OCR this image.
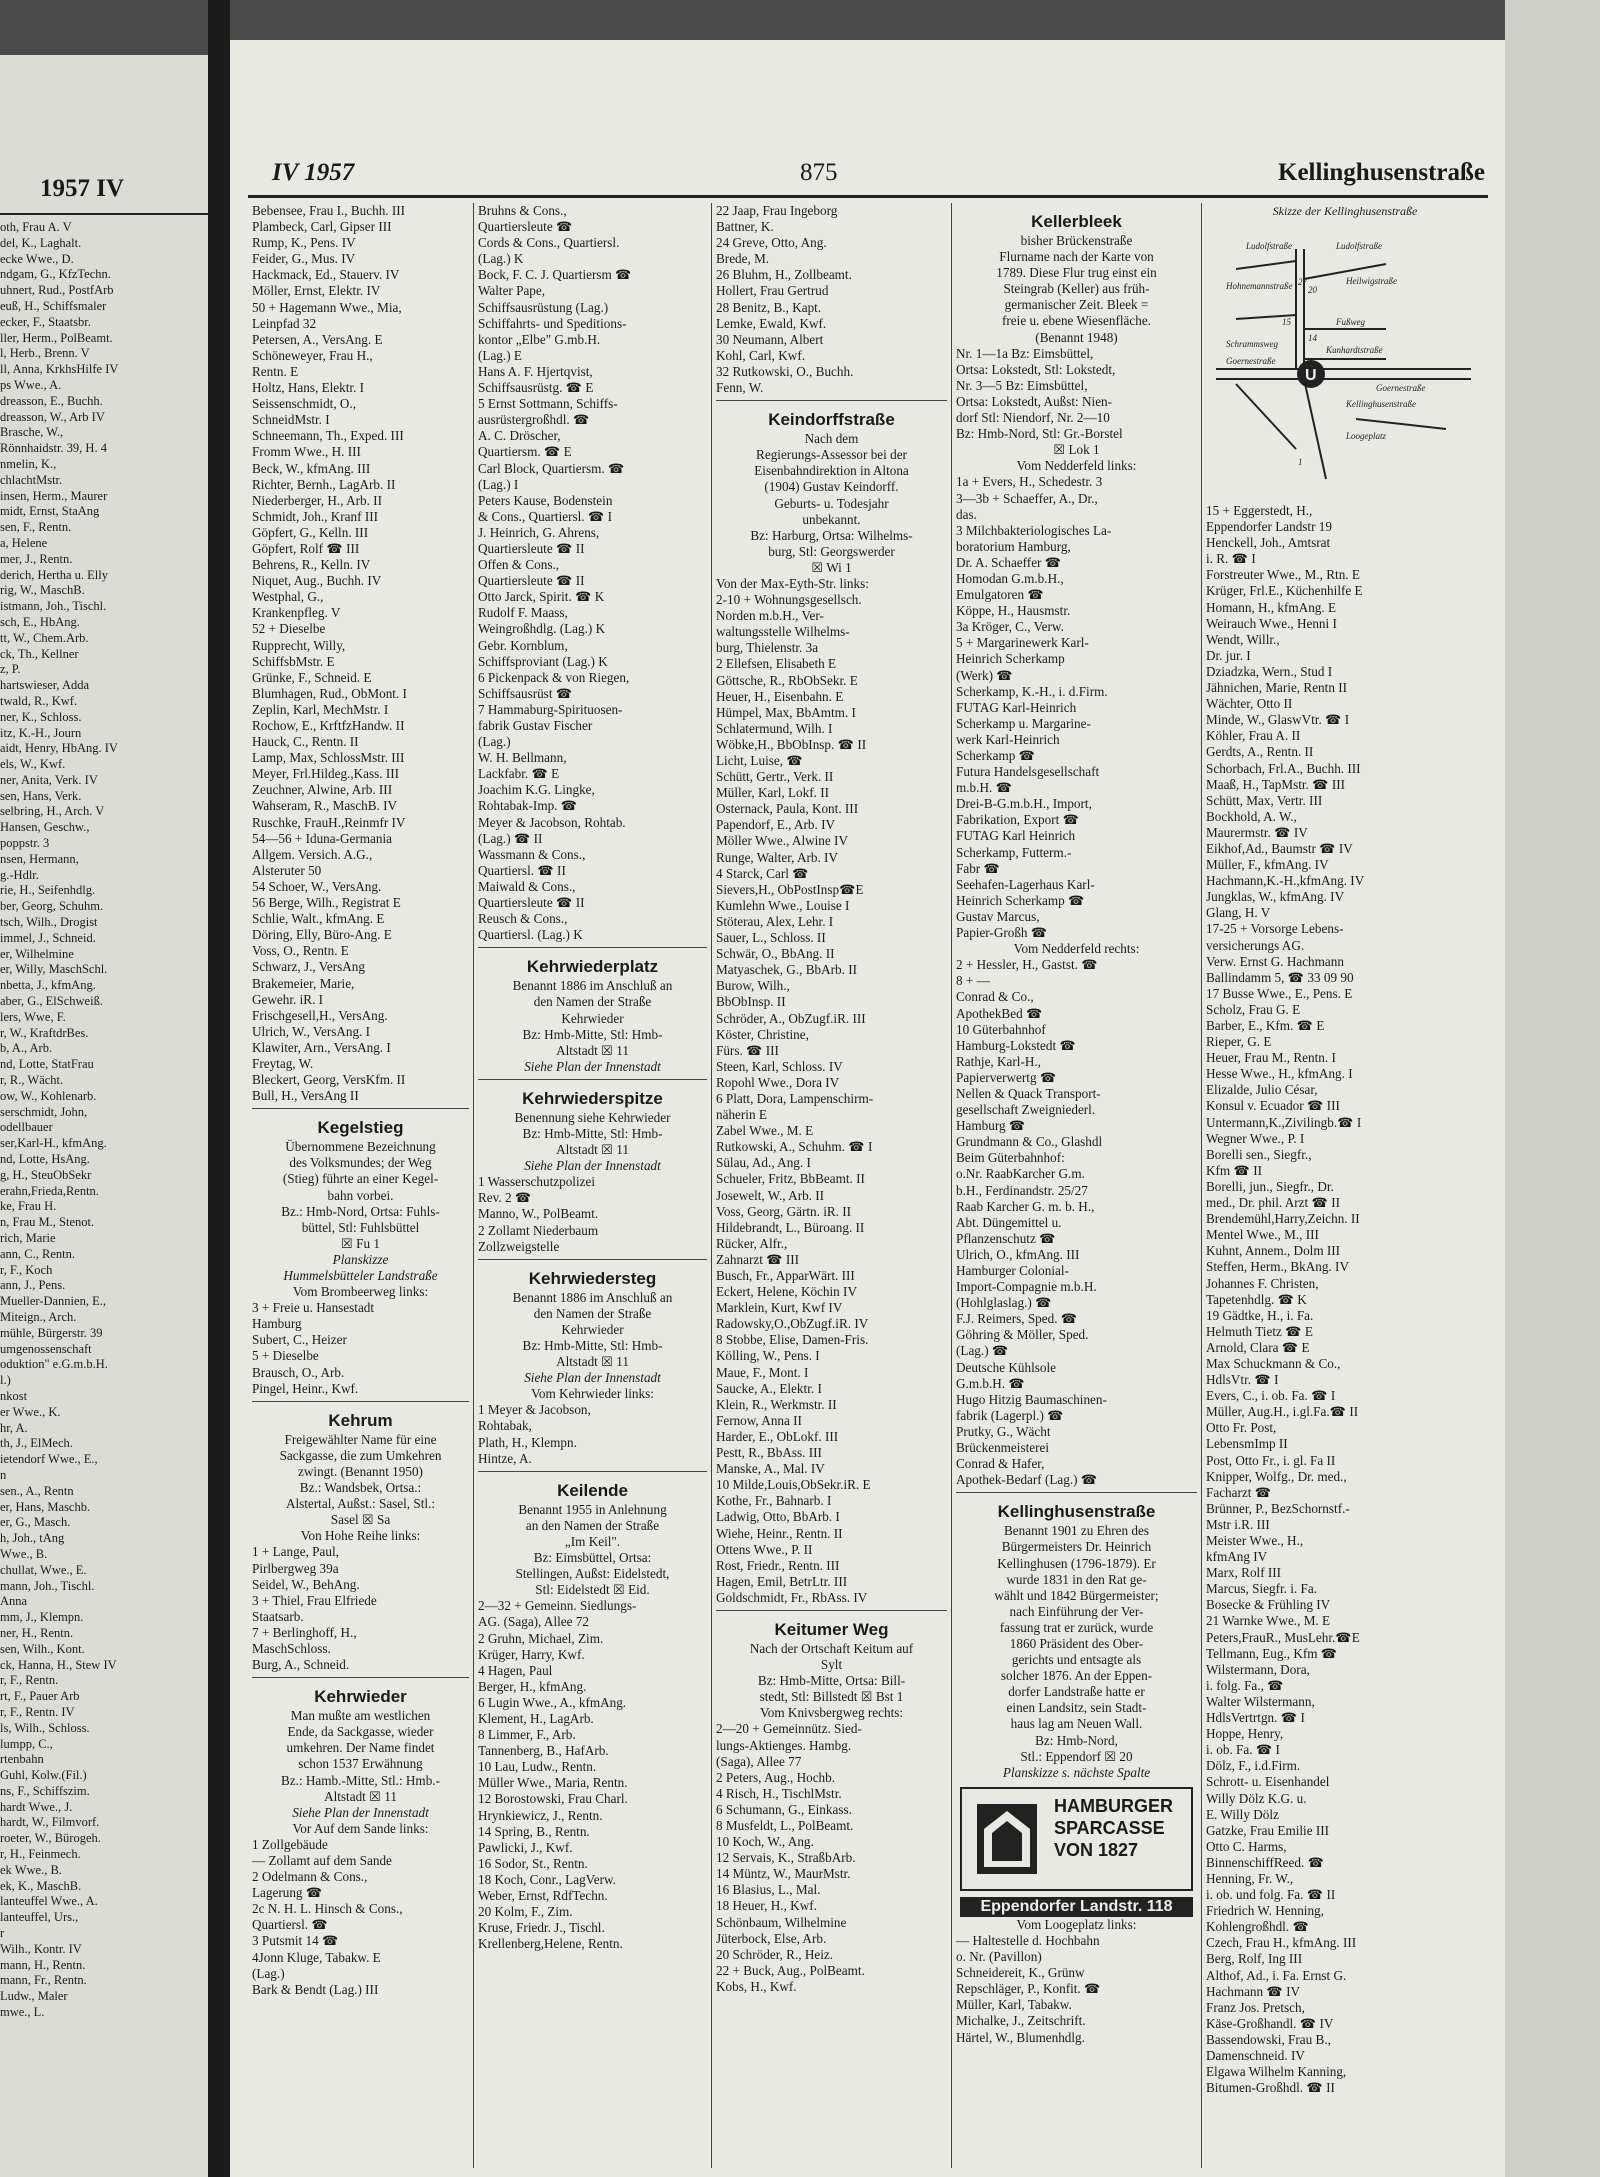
1957 IV
oth, Frau A. V
del, K., Laghalt.
ecke Wwe., D.
ndgam, G., KfzTechn.
uhnert, Rud., PostfArb
euß, H., Schiffsmaler
ecker, F., Staatsbr.
ller, Herm., PolBeamt.
l, Herb., Brenn. V
ll, Anna, KrkhsHilfe IV
ps Wwe., A.
dreasson, E., Buchh.
dreasson, W., Arb IV
Brasche, W.,
Rönnhaidstr. 39, H. 4
nmelin, K.,
chlachtMstr.
insen, Herm., Maurer
midt, Ernst, StaAng
sen, F., Rentn.
a, Helene
mer, J., Rentn.
derich, Hertha u. Elly
rig, W., MaschB.
istmann, Joh., Tischl.
sch, E., HbAng.
tt, W., Chem.Arb.
ck, Th., Kellner
z, P.
hartswieser, Adda
twald, R., Kwf.
ner, K., Schloss.
itz, K.-H., Journ
aidt, Henry, HbAng. IV
els, W., Kwf.
ner, Anita, Verk. IV
sen, Hans, Verk.
selbring, H., Arch. V
Hansen, Geschw.,
poppstr. 3
nsen, Hermann,
g.-Hdlr.
rie, H., Seifenhdlg.
ber, Georg, Schuhm.
tsch, Wilh., Drogist
immel, J., Schneid.
er, Wilhelmine
er, Willy, MaschSchl.
nbetta, J., kfmAng.
aber, G., ElSchweiß.
lers, Wwe, F.
r, W., KraftdrBes.
b, A., Arb.
nd, Lotte, StatFrau
r, R., Wächt.
ow, W., Kohlenarb.
serschmidt, John,
odellbauer
ser,Karl-H., kfmAng.
nd, Lotte, HsAng.
g, H., SteuObSekr
erahn,Frieda,Rentn.
ke, Frau H.
n, Frau M., Stenot.
rich, Marie
ann, C., Rentn.
r, F., Koch
ann, J., Pens.
Mueller-Dannien, E.,
Miteign., Arch.
mühle, Bürgerstr. 39
umgenossenschaft
oduktion" e.G.m.b.H.
l.)
nkost
er Wwe., K.
hr, A.
th, J., ElMech.
ietendorf Wwe., E.,
n
sen., A., Rentn
er, Hans, Maschb.
er, G., Masch.
h, Joh., tAng
Wwe., B.
chullat, Wwe., E.
mann, Joh., Tischl.
Anna
mm, J., Klempn.
ner, H., Rentn.
sen, Wilh., Kont.
ck, Hanna, H., Stew IV
r, F., Rentn.
rt, F., Pauer Arb
r, F., Rentn. IV
ls, Wilh., Schloss.
lumpp, C.,
rtenbahn
Guhl, Kolw.(Fil.)
ns, F., Schiffszim.
hardt Wwe., J.
hardt, W., Filmvorf.
roeter, W., Bürogeh.
r, H., Feinmech.
ek Wwe., B.
ek, K., MaschB.
lanteuffel Wwe., A.
lanteuffel, Urs.,
r
Wilh., Kontr. IV
mann, H., Rentn.
mann, Fr., Rentn.
Ludw., Maler
mwe., L.
IV 1957	875	Kellinghusenstraße
Bebensee, Frau I., Buchh. III
Plambeck, Carl, Gipser III
Rump, K., Pens. IV
Feider, G., Mus. IV
Hackmack, Ed., Stauerv. IV
Möller, Ernst, Elektr. IV
50 + Hagemann Wwe., Mia,
Leinpfad 32
Petersen, A., VersAng. E
Schöneweyer, Frau H.,
Rentn. E
Holtz, Hans, Elektr. I
Seissenschmidt, O.,
SchneidMstr. I
Schneemann, Th., Exped. III
Fromm Wwe., H. III
Beck, W., kfmAng. III
Richter, Bernh., LagArb. II
Niederberger, H., Arb. II
Schmidt, Joh., Kranf III
Göpfert, G., Kelln. III
Göpfert, Rolf ☎ III
Behrens, R., Kelln. IV
Niquet, Aug., Buchh. IV
Westphal, G.,
Krankenpfleg. V
52 + Dieselbe
Rupprecht, Willy,
SchiffsbMstr. E
Grünke, F., Schneid. E
Blumhagen, Rud., ObMont. I
Zeplin, Karl, MechMstr. I
Rochow, E., KrftfzHandw. II
Hauck, C., Rentn. II
Lamp, Max, SchlossMstr. III
Meyer, Frl.Hildeg.,Kass. III
Zeuchner, Alwine, Arb. III
Wahseram, R., MaschB. IV
Ruschke, FrauH.,Reinmfr IV
54—56 + Iduna-Germania
Allgem. Versich. A.G.,
Alsteruter 50
54 Schoer, W., VersAng.
56 Berge, Wilh., Registrat E
Schlie, Walt., kfmAng. E
Döring, Elly, Büro-Ang. E
Voss, O., Rentn. E
Schwarz, J., VersAng
Brakemeier, Marie,
Gewehr. iR. I
Frischgesell,H., VersAng.
Ulrich, W., VersAng. I
Klawiter, Arn., VersAng. I
Freytag, W.
Bleckert, Georg, VersKfm. II
Bull, H., VersAng II
Kegelstieg
Übernommene Bezeichnung
des Volksmundes; der Weg
(Stieg) führte an einer Kegel-
bahn vorbei.
Bz.: Hmb-Nord, Ortsa: Fuhls-
büttel, Stl: Fuhlsbüttel
☒ Fu 1
Planskizze
Hummelsbütteler Landstraße
Vom Brombeerweg links:
3 + Freie u. Hansestadt
Hamburg
Subert, C., Heizer
5 + Dieselbe
Brausch, O., Arb.
Pingel, Heinr., Kwf.
Kehrum
Freigewählter Name für eine
Sackgasse, die zum Umkehren
zwingt. (Benannt 1950)
Bz.: Wandsbek, Ortsa.:
Alstertal, Außst.: Sasel, Stl.:
Sasel ☒ Sa
Von Hohe Reihe links:
1 + Lange, Paul,
Pirlbergweg 39a
Seidel, W., BehAng.
3 + Thiel, Frau Elfriede
Staatsarb.
7 + Berlinghoff, H.,
MaschSchloss.
Burg, A., Schneid.
Kehrwieder
Man mußte am westlichen
Ende, da Sackgasse, wieder
umkehren. Der Name findet
schon 1537 Erwähnung
Bz.: Hamb.-Mitte, Stl.: Hmb.-
Altstadt ☒ 11
Siehe Plan der Innenstadt
Vor Auf dem Sande links:
1 Zollgebäude
— Zollamt auf dem Sande
2 Odelmann & Cons.,
Lagerung ☎
2c N. H. L. Hinsch & Cons.,
Quartiersl. ☎
3 Putsmit 14 ☎
4Jonn Kluge, Tabakw. E
(Lag.)
Bark & Bendt (Lag.) III
Bruhns & Cons.,
Quartiersleute ☎
Cords & Cons., Quartiersl.
(Lag.) K
Bock, F. C. J. Quartiersm ☎
Walter Pape,
Schiffsausrüstung (Lag.)
Schiffahrts- und Speditions-
kontor „Elbe" G.mb.H.
(Lag.) E
Hans A. F. Hjertqvist,
Schiffsausrüstg. ☎ E
5 Ernst Sottmann, Schiffs-
ausrüstergroßhdl. ☎
A. C. Dröscher,
Quartiersm. ☎ E
Carl Block, Quartiersm. ☎
(Lag.) I
Peters Kause, Bodenstein
& Cons., Quartiersl. ☎ I
J. Heinrich, G. Ahrens,
Quartiersleute ☎ II
Offen & Cons.,
Quartiersleute ☎ II
Otto Jarck, Spirit. ☎ K
Rudolf F. Maass,
Weingroßhdlg. (Lag.) K
Gebr. Kornblum,
Schiffsproviant (Lag.) K
6 Pickenpack & von Riegen,
Schiffsausrüst ☎
7 Hammaburg-Spirituosen-
fabrik Gustav Fischer
(Lag.)
W. H. Bellmann,
Lackfabr. ☎ E
Joachim K.G. Lingke,
Rohtabak-Imp. ☎
Meyer & Jacobson, Rohtab.
(Lag.) ☎ II
Wassmann & Cons.,
Quartiersl. ☎ II
Maiwald & Cons.,
Quartiersleute ☎ II
Reusch & Cons.,
Quartiersl. (Lag.) K
Kehrwiederplatz
Benannt 1886 im Anschluß an
den Namen der Straße
Kehrwieder
Bz: Hmb-Mitte, Stl: Hmb-
Altstadt ☒ 11
Siehe Plan der Innenstadt
Kehrwiederspitze
Benennung siehe Kehrwieder
Bz: Hmb-Mitte, Stl: Hmb-
Altstadt ☒ 11
Siehe Plan der Innenstadt
1 Wasserschutzpolizei
Rev. 2 ☎
Manno, W., PolBeamt.
2 Zollamt Niederbaum
Zollzweigstelle
Kehrwiedersteg
Benannt 1886 im Anschluß an
den Namen der Straße
Kehrwieder
Bz: Hmb-Mitte, Stl: Hmb-
Altstadt ☒ 11
Siehe Plan der Innenstadt
Vom Kehrwieder links:
1 Meyer & Jacobson,
Rohtabak,
Plath, H., Klempn.
Hintze, A.
Keilende
Benannt 1955 in Anlehnung
an den Namen der Straße
„Im Keil".
Bz: Eimsbüttel, Ortsa:
Stellingen, Außst: Eidelstedt,
Stl: Eidelstedt ☒ Eid.
2—32 + Gemeinn. Siedlungs-
AG. (Saga), Allee 72
2 Gruhn, Michael, Zim.
Krüger, Harry, Kwf.
4 Hagen, Paul
Berger, H., kfmAng.
6 Lugin Wwe., A., kfmAng.
Klement, H., LagArb.
8 Limmer, F., Arb.
Tannenberg, B., HafArb.
10 Lau, Ludw., Rentn.
Müller Wwe., Maria, Rentn.
12 Borostowski, Frau Charl.
Hrynkiewicz, J., Rentn.
14 Spring, B., Rentn.
Pawlicki, J., Kwf.
16 Sodor, St., Rentn.
18 Koch, Conr., LagVerw.
Weber, Ernst, RdfTechn.
20 Kolm, F., Zim.
Kruse, Friedr. J., Tischl.
Krellenberg,Helene, Rentn.
22 Jaap, Frau Ingeborg
Battner, K.
24 Greve, Otto, Ang.
Brede, M.
26 Bluhm, H., Zollbeamt.
Hollert, Frau Gertrud
28 Benitz, B., Kapt.
Lemke, Ewald, Kwf.
30 Neumann, Albert
Kohl, Carl, Kwf.
32 Rutkowski, O., Buchh.
Fenn, W.
Keindorffstraße
Nach dem
Regierungs-Assessor bei der
Eisenbahndirektion in Altona
(1904) Gustav Keindorff.
Geburts- u. Todesjahr
unbekannt.
Bz: Harburg, Ortsa: Wilhelms-
burg, Stl: Georgswerder
☒ Wi 1
Von der Max-Eyth-Str. links:
2-10 + Wohnungsgesellsch.
Norden m.b.H., Ver-
waltungsstelle Wilhelms-
burg, Thielenstr. 3a
2 Ellefsen, Elisabeth E
Göttsche, R., RbObSekr. E
Heuer, H., Eisenbahn. E
Hümpel, Max, BbAmtm. I
Schlatermund, Wilh. I
Wöbke,H., BbObInsp. ☎ II
Licht, Luise, ☎
Schütt, Gertr., Verk. II
Müller, Karl, Lokf. II
Osternack, Paula, Kont. III
Papendorf, E., Arb. IV
Möller Wwe., Alwine IV
Runge, Walter, Arb. IV
4 Starck, Carl ☎
Sievers,H., ObPostInsp☎E
Kumlehn Wwe., Louise I
Stöterau, Alex, Lehr. I
Sauer, L., Schloss. II
Schwär, O., BbAng. II
Matyaschek, G., BbArb. II
Burow, Wilh.,
BbObInsp. II
Schröder, A., ObZugf.iR. III
Köster, Christine,
Fürs. ☎ III
Steen, Karl, Schloss. IV
Ropohl Wwe., Dora IV
6 Platt, Dora, Lampenschirm-
näherin E
Zabel Wwe., M. E
Rutkowski, A., Schuhm. ☎ I
Sülau, Ad., Ang. I
Schueler, Fritz, BbBeamt. II
Josewelt, W., Arb. II
Voss, Georg, Gärtn. iR. II
Hildebrandt, L., Büroang. II
Rücker, Alfr.,
Zahnarzt ☎ III
Busch, Fr., ApparWärt. III
Eckert, Helene, Köchin IV
Marklein, Kurt, Kwf IV
Radowsky,O.,ObZugf.iR. IV
8 Stobbe, Elise, Damen-Fris.
Kölling, W., Pens. I
Maue, F., Mont. I
Saucke, A., Elektr. I
Klein, R., Werkmstr. II
Fernow, Anna II
Harder, E., ObLokf. III
Pestt, R., BbAss. III
Manske, A., Mal. IV
10 Milde,Louis,ObSekr.iR. E
Kothe, Fr., Bahnarb. I
Ladwig, Otto, BbArb. I
Wiehe, Heinr., Rentn. II
Ottens Wwe., P. II
Rost, Friedr., Rentn. III
Hagen, Emil, BetrLtr. III
Goldschmidt, Fr., RbAss. IV
Keitumer Weg
Nach der Ortschaft Keitum auf
Sylt
Bz: Hmb-Mitte, Ortsa: Bill-
stedt, Stl: Billstedt ☒ Bst 1
Vom Knivsbergweg rechts:
2—20 + Gemeinnütz. Sied-
lungs-Aktienges. Hambg.
(Saga), Allee 77
2 Peters, Aug., Hochb.
4 Risch, H., TischlMstr.
6 Schumann, G., Einkass.
8 Musfeldt, L., PolBeamt.
10 Koch, W., Ang.
12 Servais, K., StraßbArb.
14 Müntz, W., MaurMstr.
16 Blasius, L., Mal.
18 Heuer, H., Kwf.
Schönbaum, Wilhelmine
Jüterbock, Else, Arb.
20 Schröder, R., Heiz.
22 + Buck, Aug., PolBeamt.
Kobs, H., Kwf.
Kellerbleek
bisher Brückenstraße
Flurname nach der Karte von
1789. Diese Flur trug einst ein
Steingrab (Keller) aus früh-
germanischer Zeit. Bleek =
freie u. ebene Wiesenfläche.
(Benannt 1948)
Nr. 1—1a Bz: Eimsbüttel,
Ortsa: Lokstedt, Stl: Lokstedt,
Nr. 3—5 Bz: Eimsbüttel,
Ortsa: Lokstedt, Außst: Nien-
dorf Stl: Niendorf, Nr. 2—10
Bz: Hmb-Nord, Stl: Gr.-Borstel
☒ Lok 1
Vom Nedderfeld links:
1a + Evers, H., Schedestr. 3
3—3b + Schaeffer, A., Dr.,
das.
3 Milchbakteriologisches La-
boratorium Hamburg,
Dr. A. Schaeffer ☎
Homodan G.m.b.H.,
Emulgatoren ☎
Köppe, H., Hausmstr.
3a Kröger, C., Verw.
5 + Margarinewerk Karl-
Heinrich Scherkamp
(Werk) ☎
Scherkamp, K.-H., i. d.Firm.
FUTAG Karl-Heinrich
Scherkamp u. Margarine-
werk Karl-Heinrich
Scherkamp ☎
Futura Handelsgesellschaft
m.b.H. ☎
Drei-B-G.m.b.H., Import,
Fabrikation, Export ☎
FUTAG Karl Heinrich
Scherkamp, Futterm.-
Fabr ☎
Seehafen-Lagerhaus Karl-
Heinrich Scherkamp ☎
Gustav Marcus,
Papier-Großh ☎
Vom Nedderfeld rechts:
2 + Hessler, H., Gastst. ☎
8 + —
Conrad & Co.,
ApothekBed ☎
10 Güterbahnhof
Hamburg-Lokstedt ☎
Rathje, Karl-H.,
Papierverwertg ☎
Nellen & Quack Transport-
gesellschaft Zweigniederl.
Hamburg ☎
Grundmann & Co., Glashdl
Beim Güterbahnhof:
o.Nr. RaabKarcher G.m.
b.H., Ferdinandstr. 25/27
Raab Karcher G. m. b. H.,
Abt. Düngemittel u.
Pflanzenschutz ☎
Ulrich, O., kfmAng. III
Hamburger Colonial-
Import-Compagnie m.b.H.
(Hohlglaslag.) ☎
F.J. Reimers, Sped. ☎
Göhring & Möller, Sped.
(Lag.) ☎
Deutsche Kühlsole
G.m.b.H. ☎
Hugo Hitzig Baumaschinen-
fabrik (Lagerpl.) ☎
Prutky, G., Wächt
Brückenmeisterei
Conrad & Hafer,
Apothek-Bedarf (Lag.) ☎
Kellinghusenstraße
Benannt 1901 zu Ehren des
Bürgermeisters Dr. Heinrich
Kellinghusen (1796-1879). Er
wurde 1831 in den Rat ge-
wählt und 1842 Bürgermeister;
nach Einführung der Ver-
fassung trat er zurück, wurde
1860 Präsident des Ober-
gerichts und entsagte als
solcher 1876. An der Eppen-
dorfer Landstraße hatte er
einen Landsitz, sein Stadt-
haus lag am Neuen Wall.
Bz: Hmb-Nord,
Stl.: Eppendorf ☒ 20
Planskizze s. nächste Spalte
HAMBURGER
SPARCASSE
VON 1827
Eppendorfer Landstr. 118
Vom Loogeplatz links:
— Haltestelle d. Hochbahn
o. Nr. (Pavillon)
Schneidereit, K., Grünw
Repschläger, P., Konfit. ☎
Müller, Karl, Tabakw.
Michalke, J., Zeitschrift.
Härtel, W., Blumenhdlg.
Skizze der Kellinghusenstraße
U
Ludolfstraße	Ludolfstraße
Hohnemannstraße	Heilwigstraße
27
20
15
Schrammsweg
Fußweg
14
Kunhardtstraße
Goernestraße
Goernestraße
Kellinghusenstraße
1
Loogeplatz
15 + Eggerstedt, H.,
Eppendorfer Landstr 19
Henckell, Joh., Amtsrat
i. R. ☎ I
Forstreuter Wwe., M., Rtn. E
Krüger, Frl.E., Küchenhilfe E
Homann, H., kfmAng. E
Weirauch Wwe., Henni I
Wendt, Willr.,
Dr. jur. I
Dziadzka, Wern., Stud I
Jähnichen, Marie, Rentn II
Wächter, Otto II
Minde, W., GlaswVtr. ☎ I
Köhler, Frau A. II
Gerdts, A., Rentn. II
Schorbach, Frl.A., Buchh. III
Maaß, H., TapMstr. ☎ III
Schütt, Max, Vertr. III
Bockhold, A. W.,
Maurermstr. ☎ IV
Eikhof,Ad., Baumstr ☎ IV
Müller, F., kfmAng. IV
Hachmann,K.-H.,kfmAng. IV
Jungklas, W., kfmAng. IV
Glang, H. V
17-25 + Vorsorge Lebens-
versicherungs AG.
Verw. Ernst G. Hachmann
Ballindamm 5, ☎ 33 09 90
17 Busse Wwe., E., Pens. E
Scholz, Frau G. E
Barber, E., Kfm. ☎ E
Rieper, G. E
Heuer, Frau M., Rentn. I
Hesse Wwe., H., kfmAng. I
Elizalde, Julio César,
Konsul v. Ecuador ☎ III
Untermann,K.,Zivilingb.☎ I
Wegner Wwe., P. I
Borelli sen., Siegfr.,
Kfm ☎ II
Borelli, jun., Siegfr., Dr.
med., Dr. phil. Arzt ☎ II
Brendemühl,Harry,Zeichn. II
Mentel Wwe., M., III
Kuhnt, Annem., Dolm III
Steffen, Herm., BkAng. IV
Johannes F. Christen,
Tapetenhdlg. ☎ K
19 Gädtke, H., i. Fa.
Helmuth Tietz ☎ E
Arnold, Clara ☎ E
Max Schuckmann & Co.,
HdlsVtr. ☎ I
Evers, C., i. ob. Fa. ☎ I
Müller, Aug.H., i.gl.Fa.☎ II
Otto Fr. Post,
LebensmImp II
Post, Otto Fr., i. gl. Fa II
Knipper, Wolfg., Dr. med.,
Facharzt ☎
Brünner, P., BezSchornstf.-
Mstr i.R. III
Meister Wwe., H.,
kfmAng IV
Marx, Rolf III
Marcus, Siegfr. i. Fa.
Bosecke & Frühling IV
21 Warnke Wwe., M. E
Peters,FrauR., MusLehr.☎E
Tellmann, Eug., Kfm ☎
Wilstermann, Dora,
i. folg. Fa., ☎
Walter Wilstermann,
HdlsVertrtgn. ☎ I
Hoppe, Henry,
i. ob. Fa. ☎ I
Dölz, F., i.d.Firm.
Schrott- u. Eisenhandel
Willy Dölz K.G. u.
E. Willy Dölz
Gatzke, Frau Emilie III
Otto C. Harms,
BinnenschiffReed. ☎
Henning, Fr. W.,
i. ob. und folg. Fa. ☎ II
Friedrich W. Henning,
Kohlengroßhdl. ☎
Czech, Frau H., kfmAng. III
Berg, Rolf, Ing III
Althof, Ad., i. Fa. Ernst G.
Hachmann ☎ IV
Franz Jos. Pretsch,
Käse-Großhandl. ☎ IV
Bassendowski, Frau B.,
Damenschneid. IV
Elgawa Wilhelm Kanning,
Bitumen-Großhdl. ☎ II
